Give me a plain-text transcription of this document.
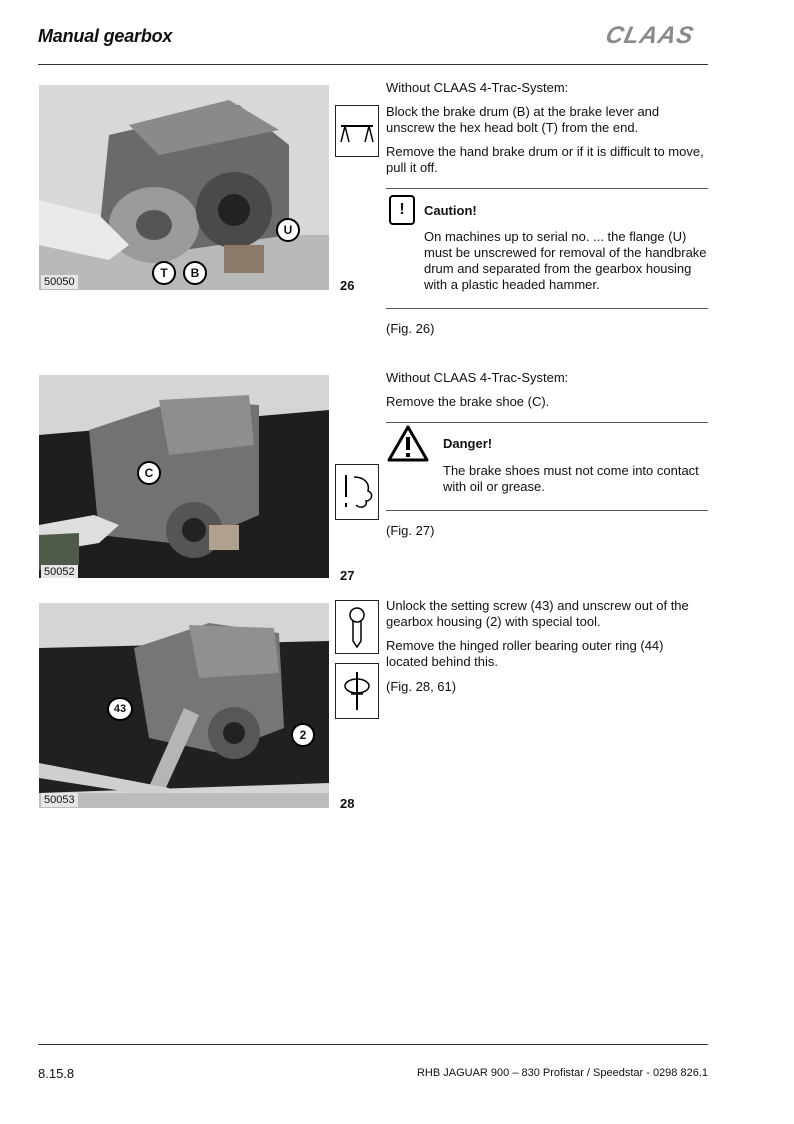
Manual gearbox	CLAAS
U
T	B
50050	26
Without CLAAS 4-Trac-System:
Block the brake drum (B) at the brake lever and unscrew the hex head bolt (T) from the end.
Remove the hand brake drum or if it is difficult to move, pull it off.
!	Caution!
On machines up to serial no. ... the flange (U) must be unscrewed for removal of the handbrake drum and separated from the gearbox housing with a plastic headed hammer.
(Fig. 26)
C
50052	27
Without CLAAS 4-Trac-System:
Remove the brake shoe (C).
Danger!
The brake shoes must not come into contact with oil or grease.
(Fig. 27)
43
2
50053	28
Unlock the setting screw (43) and unscrew out of the gearbox housing (2) with special tool.
Remove the hinged roller bearing outer ring (44) located behind this.
(Fig. 28, 61)
8.15.8	RHB JAGUAR 900 – 830 Profistar / Speedstar - 0298 826.1
